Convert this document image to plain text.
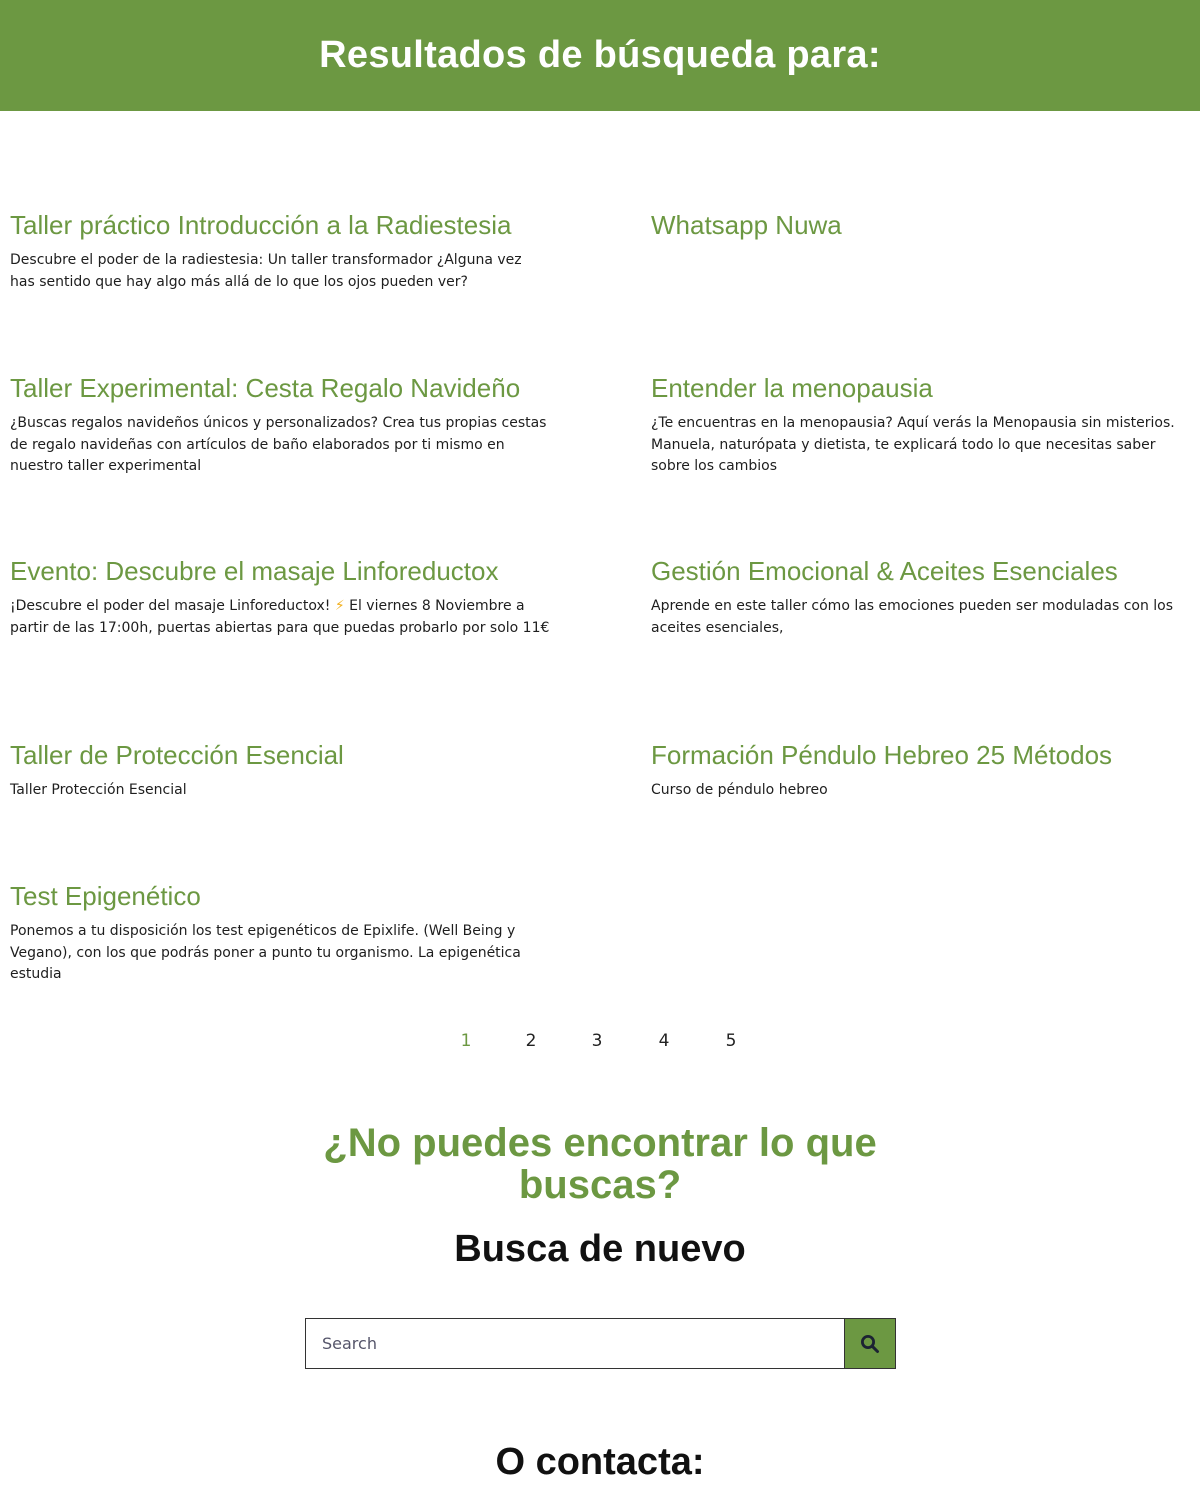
Resultados de búsqueda para:
Taller práctico Introducción a la Radiestesia

Descubre el poder de la radiestesia: Un taller transformador ¿Alguna vez has sentido que hay algo más allá de lo que los ojos pueden ver?

Whatsapp Nuwa
Taller Experimental: Cesta Regalo Navideño

¿Buscas regalos navideños únicos y personalizados? Crea tus propias cestas de regalo navideñas con artículos de baño elaborados por ti mismo en nuestro taller experimental

Entender la menopausia

¿Te encuentras en la menopausia? Aquí verás la Menopausia sin misterios. Manuela, naturópata y dietista, te explicará todo lo que necesitas saber sobre los cambios

Evento: Descubre el masaje Linforeductox

¡Descubre el poder del masaje Linforeductox! ⚡ El viernes 8 Noviembre a partir de las 17:00h, puertas abiertas para que puedas probarlo por solo 11€

Gestión Emocional & Aceites Esenciales

Aprende en este taller cómo las emociones pueden ser moduladas con los aceites esenciales,

Taller de Protección Esencial

Taller Protección Esencial

Formación Péndulo Hebreo 25 Métodos

Curso de péndulo hebreo

Test Epigenético

Ponemos a tu disposición los test epigenéticos de Epixlife. (Well Being y Vegano), con los que podrás poner a punto tu organismo. La epigenética estudia

1	2	3	4	5
¿No puedes encontrar lo que
buscas?
Busca de nuevo
Search
O contacta:
